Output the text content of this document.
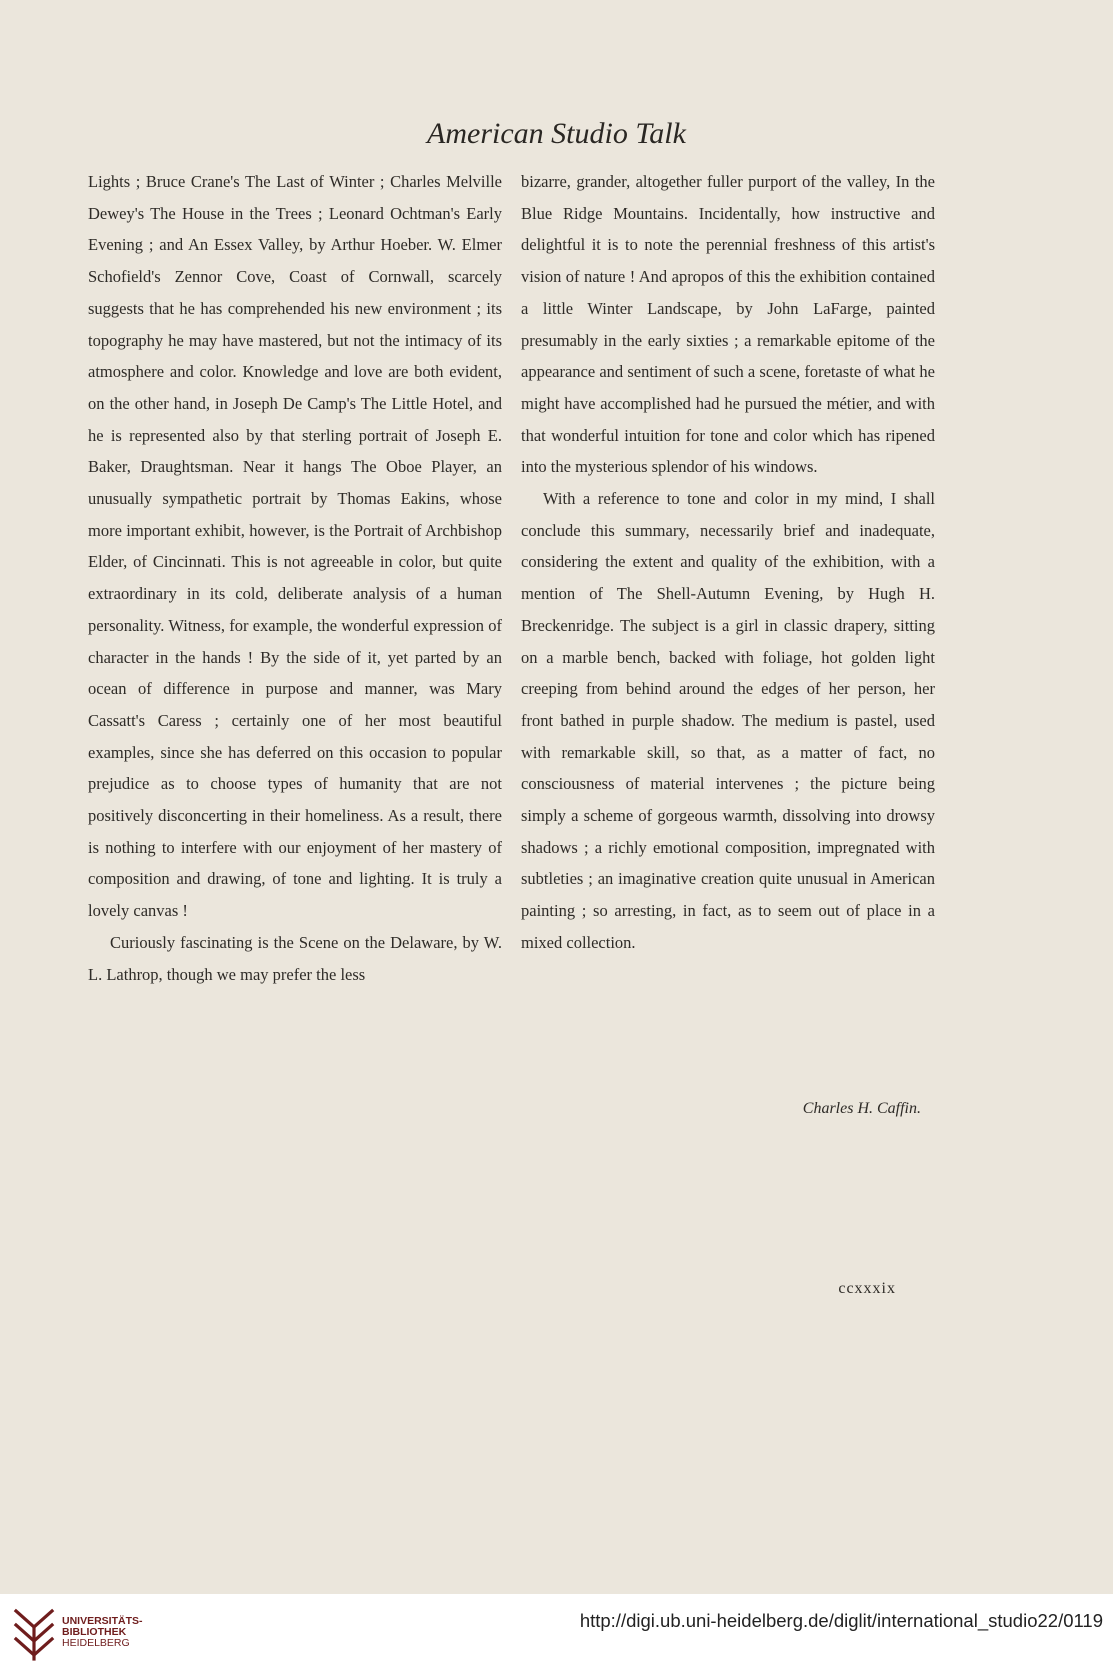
American Studio Talk

Lights ; Bruce Crane's The Last of Winter ; Charles Melville Dewey's The House in the Trees ; Leonard Ochtman's Early Evening ; and An Essex Valley, by Arthur Hoeber. W. Elmer Schofield's Zennor Cove, Coast of Cornwall, scarcely suggests that he has comprehended his new environment ; its topography he may have mastered, but not the intimacy of its atmosphere and color. Knowledge and love are both evident, on the other hand, in Joseph De Camp's The Little Hotel, and he is represented also by that sterling portrait of Joseph E. Baker, Draughtsman. Near it hangs The Oboe Player, an unusually sympathetic portrait by Thomas Eakins, whose more important exhibit, however, is the Portrait of Archbishop Elder, of Cincinnati. This is not agreeable in color, but quite extraordinary in its cold, deliberate analysis of a human personality. Witness, for example, the wonderful expression of character in the hands ! By the side of it, yet parted by an ocean of difference in purpose and manner, was Mary Cassatt's Caress ; certainly one of her most beautiful examples, since she has deferred on this occasion to popular prejudice as to choose types of humanity that are not positively disconcerting in their homeliness. As a result, there is nothing to interfere with our enjoyment of her mastery of composition and drawing, of tone and lighting. It is truly a lovely canvas !

Curiously fascinating is the Scene on the Delaware, by W. L. Lathrop, though we may prefer the less

bizarre, grander, altogether fuller purport of the valley, In the Blue Ridge Mountains. Incidentally, how instructive and delightful it is to note the perennial freshness of this artist's vision of nature ! And apropos of this the exhibition contained a little Winter Landscape, by John LaFarge, painted presumably in the early sixties ; a remarkable epitome of the appearance and sentiment of such a scene, foretaste of what he might have accomplished had he pursued the métier, and with that wonderful intuition for tone and color which has ripened into the mysterious splendor of his windows.

With a reference to tone and color in my mind, I shall conclude this summary, necessarily brief and inadequate, considering the extent and quality of the exhibition, with a mention of The Shell-Autumn Evening, by Hugh H. Breckenridge. The subject is a girl in classic drapery, sitting on a marble bench, backed with foliage, hot golden light creeping from behind around the edges of her person, her front bathed in purple shadow. The medium is pastel, used with remarkable skill, so that, as a matter of fact, no consciousness of material intervenes ; the picture being simply a scheme of gorgeous warmth, dissolving into drowsy shadows ; a richly emotional composition, impregnated with subtleties ; an imaginative creation quite unusual in American painting ; so arresting, in fact, as to seem out of place in a mixed collection.

Charles H. Caffin.
ccxxxix
UNIVERSITÄTS-
BIBLIOTHEK
HEIDELBERG
http://digi.ub.uni-heidelberg.de/diglit/international_studio22/0119
